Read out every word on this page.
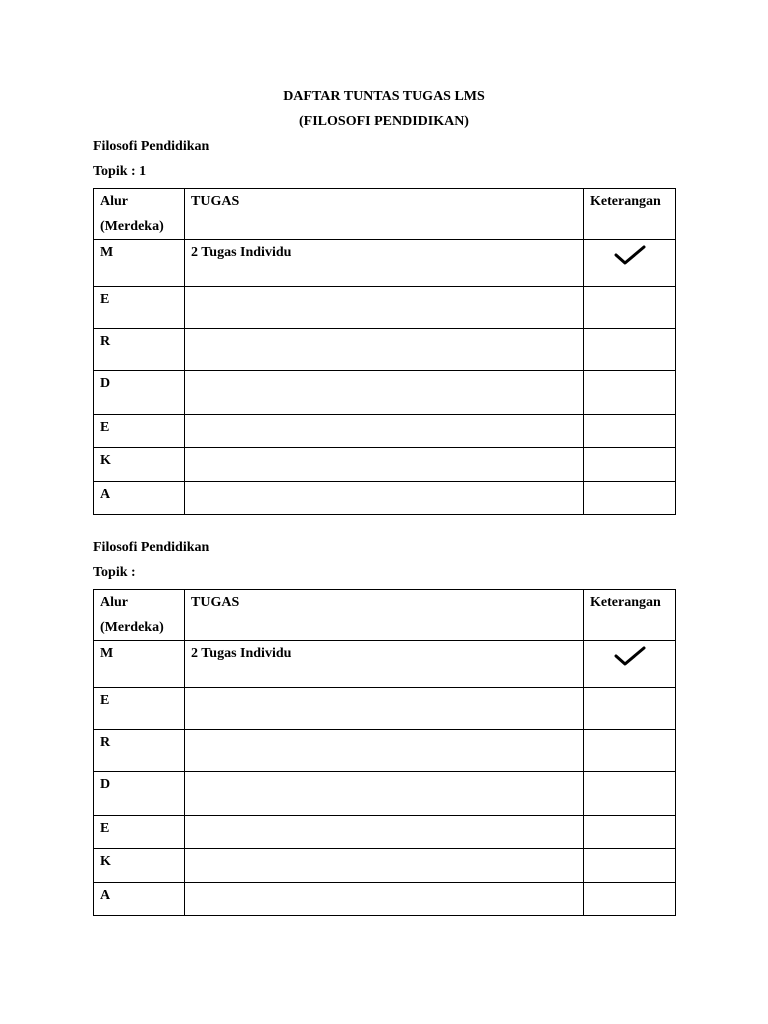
DAFTAR TUNTAS TUGAS LMS
(FILOSOFI PENDIDIKAN)
Filosofi Pendidikan
Topik : 1
Alur (Merdeka)	TUGAS	Keterangan
M	2 Tugas Individu	
E		
R		
D		
E		
K		
A		
Filosofi Pendidikan
Topik :
Alur (Merdeka)	TUGAS	Keterangan
M	2 Tugas Individu	
E		
R		
D		
E		
K		
A		
